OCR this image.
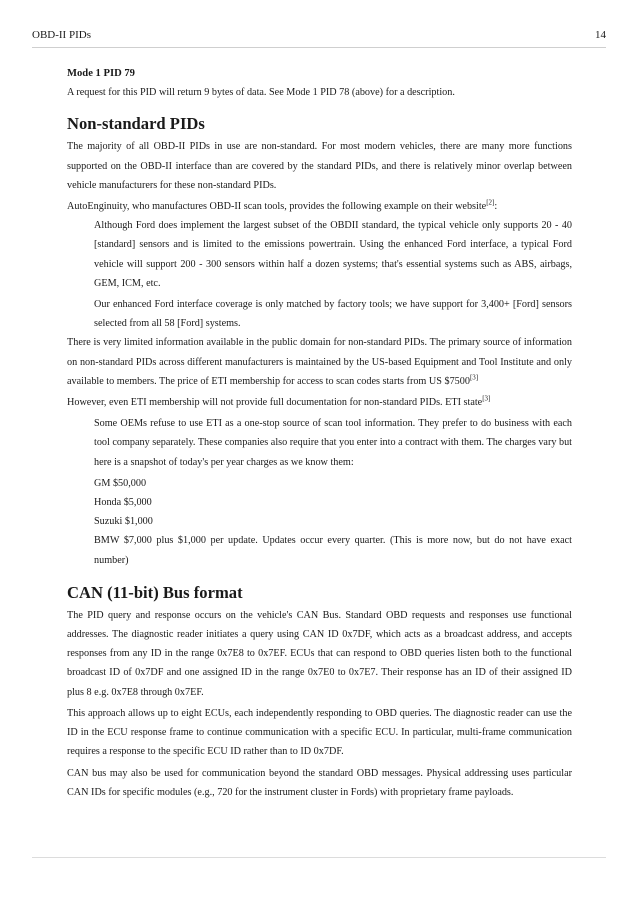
OBD-II PIDs	14
Mode 1 PID 79

A request for this PID will return 9 bytes of data. See Mode 1 PID 78 (above) for a description.

Non-standard PIDs

The majority of all OBD-II PIDs in use are non-standard. For most modern vehicles, there are many more functions supported on the OBD-II interface than are covered by the standard PIDs, and there is relatively minor overlap between vehicle manufacturers for these non-standard PIDs.

AutoEnginuity, who manufactures OBD-II scan tools, provides the following example on their website[2]:

Although Ford does implement the largest subset of the OBDII standard, the typical vehicle only supports 20 - 40 [standard] sensors and is limited to the emissions powertrain. Using the enhanced Ford interface, a typical Ford vehicle will support 200 - 300 sensors within half a dozen systems; that's essential systems such as ABS, airbags, GEM, ICM, etc.

Our enhanced Ford interface coverage is only matched by factory tools; we have support for 3,400+ [Ford] sensors selected from all 58 [Ford] systems.

There is very limited information available in the public domain for non-standard PIDs. The primary source of information on non-standard PIDs across different manufacturers is maintained by the US-based Equipment and Tool Institute and only available to members. The price of ETI membership for access to scan codes starts from US $7500[3]

However, even ETI membership will not provide full documentation for non-standard PIDs. ETI state[3]

Some OEMs refuse to use ETI as a one-stop source of scan tool information. They prefer to do business with each tool company separately. These companies also require that you enter into a contract with them. The charges vary but here is a snapshot of today's per year charges as we know them:

GM $50,000

Honda $5,000

Suzuki $1,000

BMW $7,000 plus $1,000 per update. Updates occur every quarter. (This is more now, but do not have exact number)

CAN (11-bit) Bus format

The PID query and response occurs on the vehicle's CAN Bus. Standard OBD requests and responses use functional addresses. The diagnostic reader initiates a query using CAN ID 0x7DF, which acts as a broadcast address, and accepts responses from any ID in the range 0x7E8 to 0x7EF. ECUs that can respond to OBD queries listen both to the functional broadcast ID of 0x7DF and one assigned ID in the range 0x7E0 to 0x7E7. Their response has an ID of their assigned ID plus 8 e.g. 0x7E8 through 0x7EF.

This approach allows up to eight ECUs, each independently responding to OBD queries. The diagnostic reader can use the ID in the ECU response frame to continue communication with a specific ECU. In particular, multi-frame communication requires a response to the specific ECU ID rather than to ID 0x7DF.

CAN bus may also be used for communication beyond the standard OBD messages. Physical addressing uses particular CAN IDs for specific modules (e.g., 720 for the instrument cluster in Fords) with proprietary frame payloads.
